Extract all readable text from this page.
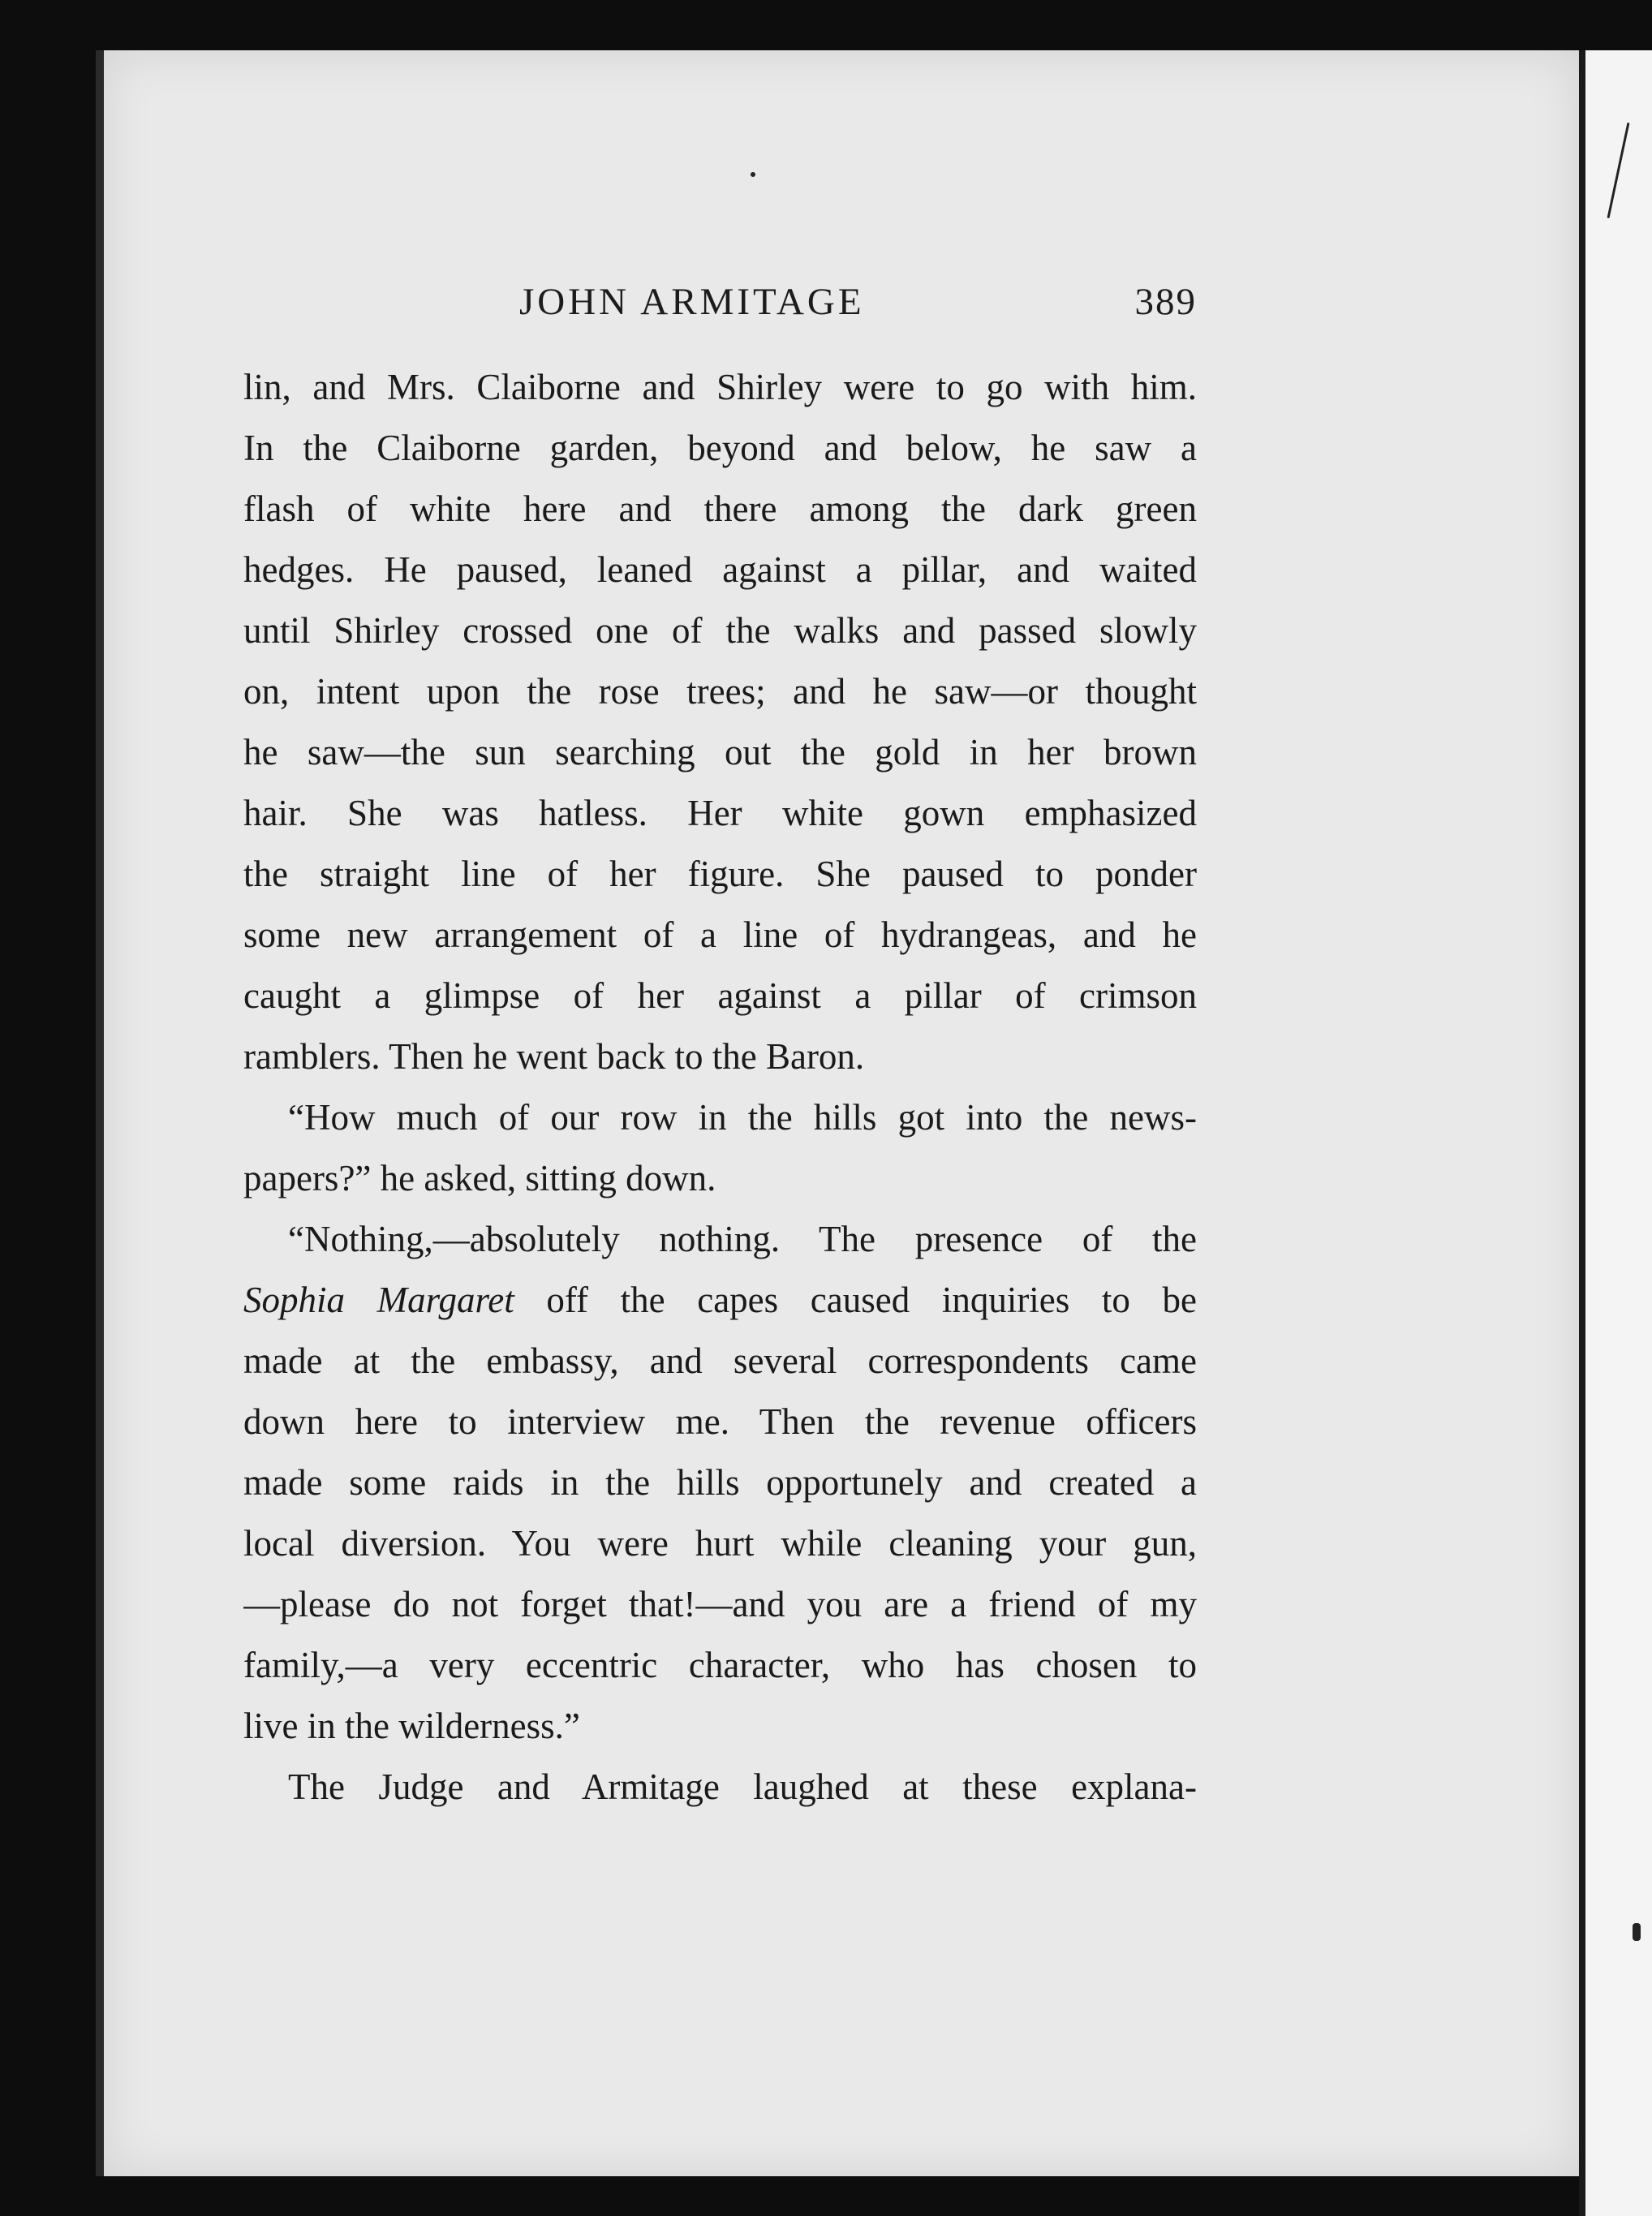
JOHN ARMITAGE	389
lin, and Mrs. Claiborne and Shirley were to go with him.
In the Claiborne garden, beyond and below, he saw a
flash of white here and there among the dark green
hedges. He paused, leaned against a pillar, and waited
until Shirley crossed one of the walks and passed slowly
on, intent upon the rose trees; and he saw—or thought
he saw—the sun searching out the gold in her brown
hair. She was hatless. Her white gown emphasized
the straight line of her figure. She paused to ponder
some new arrangement of a line of hydrangeas, and he
caught a glimpse of her against a pillar of crimson
ramblers. Then he went back to the Baron.
“How much of our row in the hills got into the news-
papers?” he asked, sitting down.
“Nothing,—absolutely nothing. The presence of the
Sophia Margaret off the capes caused inquiries to be
made at the embassy, and several correspondents came
down here to interview me. Then the revenue officers
made some raids in the hills opportunely and created a
local diversion. You were hurt while cleaning your gun,
—please do not forget that!—and you are a friend of my
family,—a very eccentric character, who has chosen to
live in the wilderness.”
The Judge and Armitage laughed at these explana-
